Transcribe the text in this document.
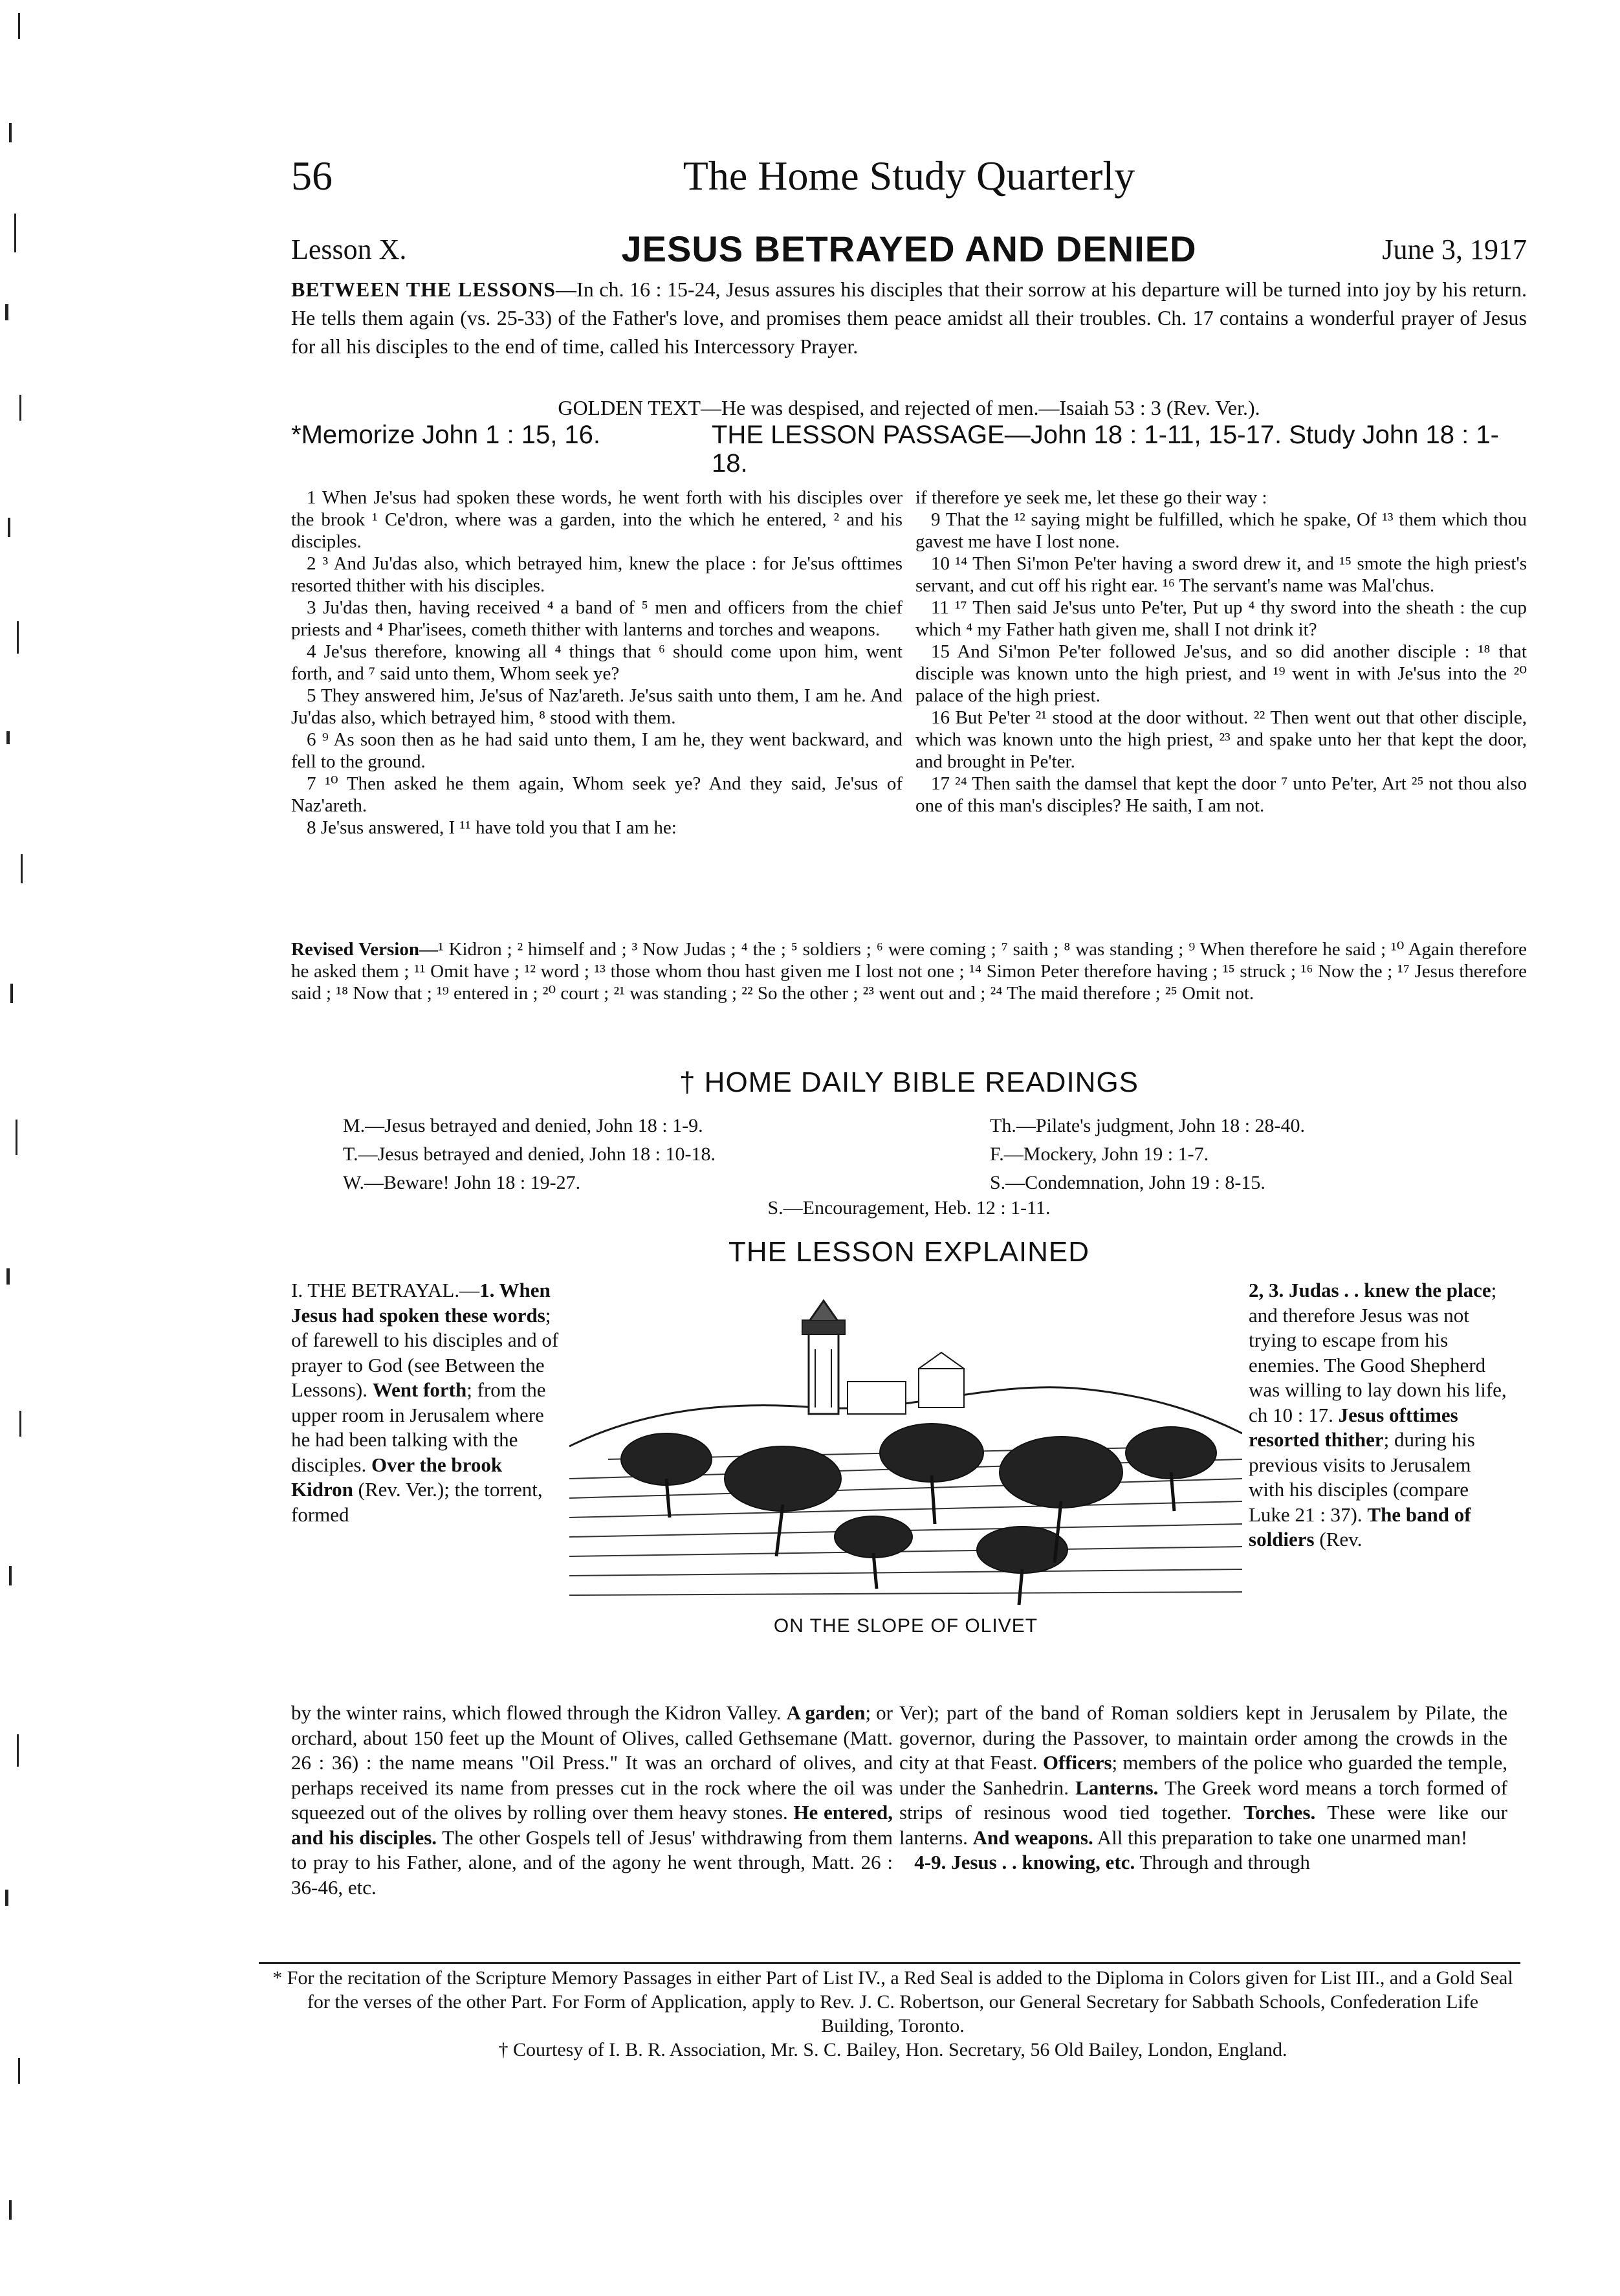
56	The Home Study Quarterly
Lesson X.	JESUS BETRAYED AND DENIED	June 3, 1917

BETWEEN THE LESSONS—In ch. 16 : 15-24, Jesus assures his disciples that their sorrow at his departure will be turned into joy by his return. He tells them again (vs. 25-33) of the Father's love, and promises them peace amidst all their troubles. Ch. 17 contains a wonderful prayer of Jesus for all his disciples to the end of time, called his Intercessory Prayer.

GOLDEN TEXT—He was despised, and rejected of men.—Isaiah 53 : 3 (Rev. Ver.).
*Memorize John 1 : 15, 16.	THE LESSON PASSAGE—John 18 : 1-11, 15-17. Study John 18 : 1-18.

1 When Je'sus had spoken these words, he went forth with his disciples over the brook ¹ Ce'dron, where was a garden, into the which he entered, ² and his disciples.

2 ³ And Ju'das also, which betrayed him, knew the place : for Je'sus ofttimes resorted thither with his disciples.

3 Ju'das then, having received ⁴ a band of ⁵ men and officers from the chief priests and ⁴ Phar'isees, cometh thither with lanterns and torches and weapons.

4 Je'sus therefore, knowing all ⁴ things that ⁶ should come upon him, went forth, and ⁷ said unto them, Whom seek ye?

5 They answered him, Je'sus of Naz'areth. Je'sus saith unto them, I am he. And Ju'das also, which betrayed him, ⁸ stood with them.

6 ⁹ As soon then as he had said unto them, I am he, they went backward, and fell to the ground.

7 ¹⁰ Then asked he them again, Whom seek ye? And they said, Je'sus of Naz'areth.

8 Je'sus answered, I ¹¹ have told you that I am he:

if therefore ye seek me, let these go their way :

9 That the ¹² saying might be fulfilled, which he spake, Of ¹³ them which thou gavest me have I lost none.

10 ¹⁴ Then Si'mon Pe'ter having a sword drew it, and ¹⁵ smote the high priest's servant, and cut off his right ear. ¹⁶ The servant's name was Mal'chus.

11 ¹⁷ Then said Je'sus unto Pe'ter, Put up ⁴ thy sword into the sheath : the cup which ⁴ my Father hath given me, shall I not drink it?

15 And Si'mon Pe'ter followed Je'sus, and so did another disciple : ¹⁸ that disciple was known unto the high priest, and ¹⁹ went in with Je'sus into the ²⁰ palace of the high priest.

16 But Pe'ter ²¹ stood at the door without. ²² Then went out that other disciple, which was known unto the high priest, ²³ and spake unto her that kept the door, and brought in Pe'ter.

17 ²⁴ Then saith the damsel that kept the door ⁷ unto Pe'ter, Art ²⁵ not thou also one of this man's disciples? He saith, I am not.

Revised Version—¹ Kidron ; ² himself and ; ³ Now Judas ; ⁴ the ; ⁵ soldiers ; ⁶ were coming ; ⁷ saith ; ⁸ was standing ; ⁹ When therefore he said ; ¹⁰ Again therefore he asked them ; ¹¹ Omit have ; ¹² word ; ¹³ those whom thou hast given me I lost not one ; ¹⁴ Simon Peter therefore having ; ¹⁵ struck ; ¹⁶ Now the ; ¹⁷ Jesus therefore said ; ¹⁸ Now that ; ¹⁹ entered in ; ²⁰ court ; ²¹ was standing ; ²² So the other ; ²³ went out and ; ²⁴ The maid therefore ; ²⁵ Omit not.

† HOME DAILY BIBLE READINGS
M.—Jesus betrayed and denied, John 18 : 1-9.
T.—Jesus betrayed and denied, John 18 : 10-18.
W.—Beware! John 18 : 19-27.
Th.—Pilate's judgment, John 18 : 28-40.
F.—Mockery, John 19 : 1-7.
S.—Condemnation, John 19 : 8-15.
S.—Encouragement, Heb. 12 : 1-11.
THE LESSON EXPLAINED

I. THE BETRAYAL.—1. When Jesus had spoken these words; of farewell to his disciples and of prayer to God (see Between the Lessons). Went forth; from the upper room in Jerusalem where he had been talking with the disciples. Over the brook Kidron (Rev. Ver.); the torrent, formed

ON THE SLOPE OF OLIVET

2, 3. Judas . . knew the place; and therefore Jesus was not trying to escape from his enemies. The Good Shepherd was willing to lay down his life, ch 10 : 17. Jesus ofttimes resorted thither; during his previous visits to Jerusalem with his disciples (compare Luke 21 : 37). The band of soldiers (Rev.

by the winter rains, which flowed through the Kidron Valley. A garden; or orchard, about 150 feet up the Mount of Olives, called Gethsemane (Matt. 26 : 36) : the name means "Oil Press." It was an orchard of olives, and perhaps received its name from presses cut in the rock where the oil was squeezed out of the olives by rolling over them heavy stones. He entered, and his disciples. The other Gospels tell of Jesus' withdrawing from them to pray to his Father, alone, and of the agony he went through, Matt. 26 : 36-46, etc.

Ver); part of the band of Roman soldiers kept in Jerusalem by Pilate, the governor, during the Passover, to maintain order among the crowds in the city at that Feast. Officers; members of the police who guarded the temple, under the Sanhedrin. Lanterns. The Greek word means a torch formed of strips of resinous wood tied together. Torches. These were like our lanterns. And weapons. All this preparation to take one unarmed man!
4-9. Jesus . . knowing, etc. Through and through

* For the recitation of the Scripture Memory Passages in either Part of List IV., a Red Seal is added to the Diploma in Colors given for List III., and a Gold Seal for the verses of the other Part. For Form of Application, apply to Rev. J. C. Robertson, our General Secretary for Sabbath Schools, Confederation Life Building, Toronto.
† Courtesy of I. B. R. Association, Mr. S. C. Bailey, Hon. Secretary, 56 Old Bailey, London, England.
